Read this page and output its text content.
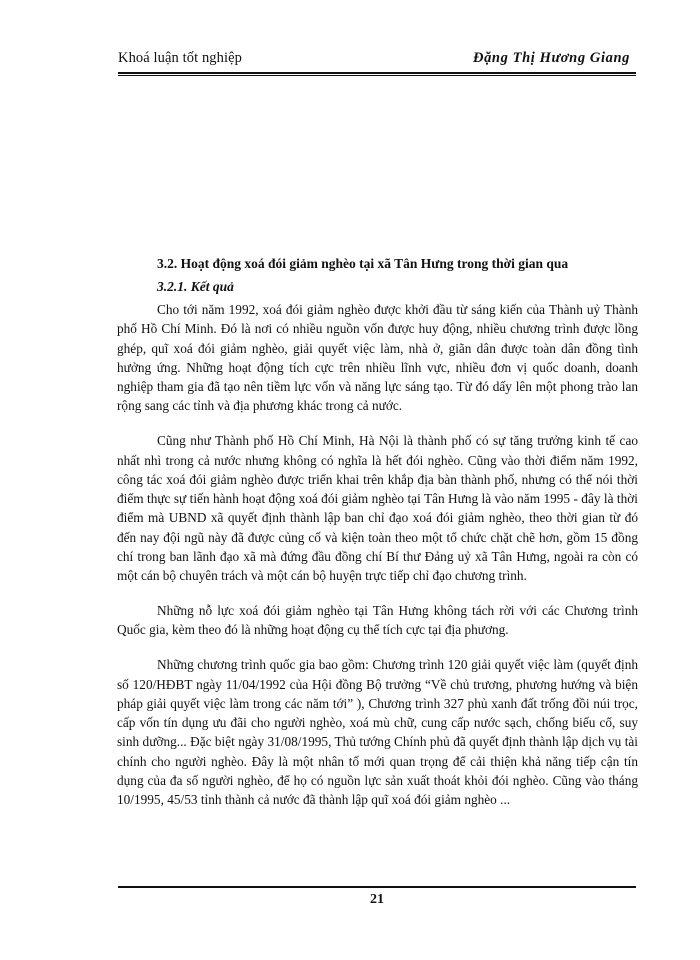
Khoá luận tốt nghiệp	Đặng Thị Hương Giang
3.2. Hoạt động xoá đói giảm nghèo tại xã Tân Hưng trong thời gian qua
3.2.1. Kết quả

Cho tới năm 1992, xoá đói giảm nghèo được khởi đầu từ sáng kiến của Thành uỷ Thành phố Hồ Chí Minh. Đó là nơi có nhiều nguồn vốn được huy động, nhiều chương trình được lồng ghép, quĩ xoá đói giảm nghèo, giải quyết việc làm, nhà ở, giãn dân được toàn dân đồng tình hưởng ứng. Những hoạt động tích cực trên nhiều lĩnh vực, nhiều đơn vị quốc doanh, doanh nghiệp tham gia đã tạo nên tiềm lực vốn và năng lực sáng tạo. Từ đó dấy lên một phong trào lan rộng sang các tỉnh và địa phương khác trong cả nước.

Cũng như Thành phố Hồ Chí Minh, Hà Nội là thành phố có sự tăng trưởng kinh tế cao nhất nhì trong cả nước nhưng không có nghĩa là hết đói nghèo. Cũng vào thời điểm năm 1992, công tác xoá đói giảm nghèo được triển khai trên khắp địa bàn thành phố, nhưng có thể nói thời điểm thực sự tiến hành hoạt động xoá đói giảm nghèo tại Tân Hưng là vào năm 1995 - đây là thời điểm mà UBND xã quyết định thành lập ban chỉ đạo xoá đói giảm nghèo, theo thời gian từ đó đến nay đội ngũ này đã được củng cố và kiện toàn theo một tổ chức chặt chẽ hơn, gồm 15 đồng chí trong ban lãnh đạo xã mà đứng đầu đồng chí Bí thư Đảng uỷ xã Tân Hưng, ngoài ra còn có một cán bộ chuyên trách và một cán bộ huyện trực tiếp chỉ đạo chương trình.

Những nỗ lực xoá đói giảm nghèo tại Tân Hưng không tách rời với các Chương trình Quốc gia, kèm theo đó là những hoạt động cụ thể tích cực tại địa phương.

Những chương trình quốc gia bao gồm: Chương trình 120 giải quyết việc làm (quyết định số 120/HĐBT ngày 11/04/1992 của Hội đồng Bộ trưởng “Về chủ trương, phương hướng và biện pháp giải quyết việc làm trong các năm tới” ), Chương trình 327 phủ xanh đất trống đồi núi trọc, cấp vốn tín dụng ưu đãi cho người nghèo, xoá mù chữ, cung cấp nước sạch, chống biếu cổ, suy sinh dưỡng... Đặc biệt ngày 31/08/1995, Thủ tướng Chính phủ đã quyết định thành lập dịch vụ tài chính cho người nghèo. Đây là một nhân tố mới quan trọng để cải thiện khả năng tiếp cận tín dụng của đa số người nghèo, để họ có nguồn lực sản xuất thoát khỏi đói nghèo. Cũng vào tháng 10/1995, 45/53 tỉnh thành cả nước đã thành lập quĩ xoá đói giảm nghèo ...

21
